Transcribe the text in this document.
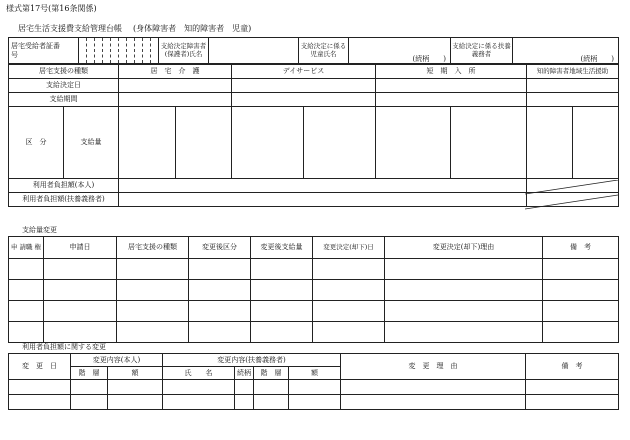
様式第17号(第16条関係)
居宅生活支援費支給管理台帳 (身体障害者　知的障害者　児童)
居宅受給者証番　　号											支給決定障害者(保護者)氏名		支給決定に係る児童氏名	(続柄　　)	支給決定に係る扶養義務者	(続柄　　)
居宅支援の種類		居　宅　介　護		デイサービス		短　期　入　所		知的障害者地域生活援助	
支給決定日									
支給期間									
区　分	支給量								
利用者負担額(本人)									
利用者負担額(扶養義務者)									
支給量変更
申 請職 権	申請日	居宅支援の種類	変更後区分	変更後支給量	変更決定(却下)日	変更決定(却下)理由	備　考

利用者負担額に関する変更
変　更　日	変更内容(本人)		変更内容(扶養義務者)				変　更　理　由	備　考
	階　層	額	氏　　名	続柄	階　層	額		
